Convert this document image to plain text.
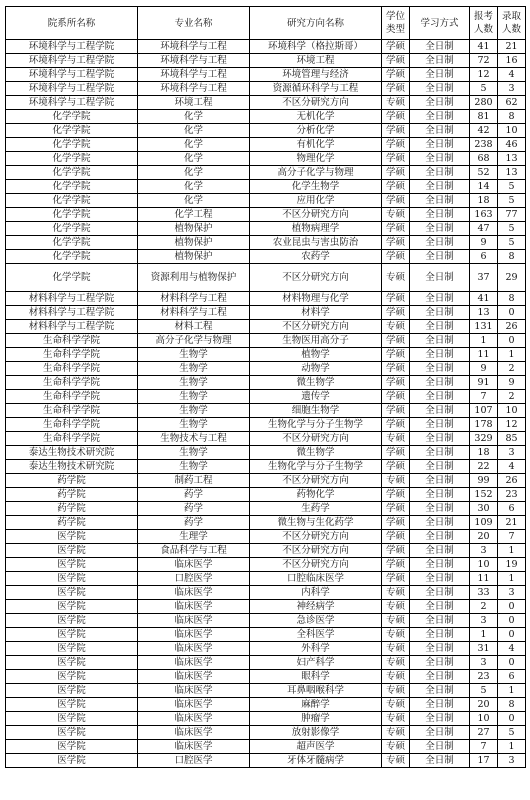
院系所名称	专业名称	研究方向名称	学位类型	学习方式	报考人数	录取人数
环境科学与工程学院	环境科学与工程	环境科学（格拉斯哥）	学硕	全日制	41	21
环境科学与工程学院	环境科学与工程	环境工程	学硕	全日制	72	16
环境科学与工程学院	环境科学与工程	环境管理与经济	学硕	全日制	12	4
环境科学与工程学院	环境科学与工程	资源循环科学与工程	学硕	全日制	5	3
环境科学与工程学院	环境工程	不区分研究方向	专硕	全日制	280	62
化学学院	化学	无机化学	学硕	全日制	81	8
化学学院	化学	分析化学	学硕	全日制	42	10
化学学院	化学	有机化学	学硕	全日制	238	46
化学学院	化学	物理化学	学硕	全日制	68	13
化学学院	化学	高分子化学与物理	学硕	全日制	52	13
化学学院	化学	化学生物学	学硕	全日制	14	5
化学学院	化学	应用化学	学硕	全日制	18	5
化学学院	化学工程	不区分研究方向	专硕	全日制	163	77
化学学院	植物保护	植物病理学	学硕	全日制	47	5
化学学院	植物保护	农业昆虫与害虫防治	学硕	全日制	9	5
化学学院	植物保护	农药学	学硕	全日制	6	8
化学学院	资源利用与植物保护	不区分研究方向	专硕	全日制	37	29
材料科学与工程学院	材料科学与工程	材料物理与化学	学硕	全日制	41	8
材料科学与工程学院	材料科学与工程	材料学	学硕	全日制	13	0
材料科学与工程学院	材料工程	不区分研究方向	专硕	全日制	131	26
生命科学学院	高分子化学与物理	生物医用高分子	学硕	全日制	1	0
生命科学学院	生物学	植物学	学硕	全日制	11	1
生命科学学院	生物学	动物学	学硕	全日制	9	2
生命科学学院	生物学	微生物学	学硕	全日制	91	9
生命科学学院	生物学	遗传学	学硕	全日制	7	2
生命科学学院	生物学	细胞生物学	学硕	全日制	107	10
生命科学学院	生物学	生物化学与分子生物学	学硕	全日制	178	12
生命科学学院	生物技术与工程	不区分研究方向	专硕	全日制	329	85
泰达生物技术研究院	生物学	微生物学	学硕	全日制	18	3
泰达生物技术研究院	生物学	生物化学与分子生物学	学硕	全日制	22	4
药学院	制药工程	不区分研究方向	专硕	全日制	99	26
药学院	药学	药物化学	学硕	全日制	152	23
药学院	药学	生药学	学硕	全日制	30	6
药学院	药学	微生物与生化药学	学硕	全日制	109	21
医学院	生理学	不区分研究方向	学硕	全日制	20	7
医学院	食品科学与工程	不区分研究方向	学硕	全日制	3	1
医学院	临床医学	不区分研究方向	学硕	全日制	10	19
医学院	口腔医学	口腔临床医学	学硕	全日制	11	1
医学院	临床医学	内科学	专硕	全日制	33	3
医学院	临床医学	神经病学	专硕	全日制	2	0
医学院	临床医学	急诊医学	专硕	全日制	3	0
医学院	临床医学	全科医学	专硕	全日制	1	0
医学院	临床医学	外科学	专硕	全日制	31	4
医学院	临床医学	妇产科学	专硕	全日制	3	0
医学院	临床医学	眼科学	专硕	全日制	23	6
医学院	临床医学	耳鼻咽喉科学	专硕	全日制	5	1
医学院	临床医学	麻醉学	专硕	全日制	20	8
医学院	临床医学	肿瘤学	专硕	全日制	10	0
医学院	临床医学	放射影像学	专硕	全日制	27	5
医学院	临床医学	超声医学	专硕	全日制	7	1
医学院	口腔医学	牙体牙髓病学	专硕	全日制	17	3
